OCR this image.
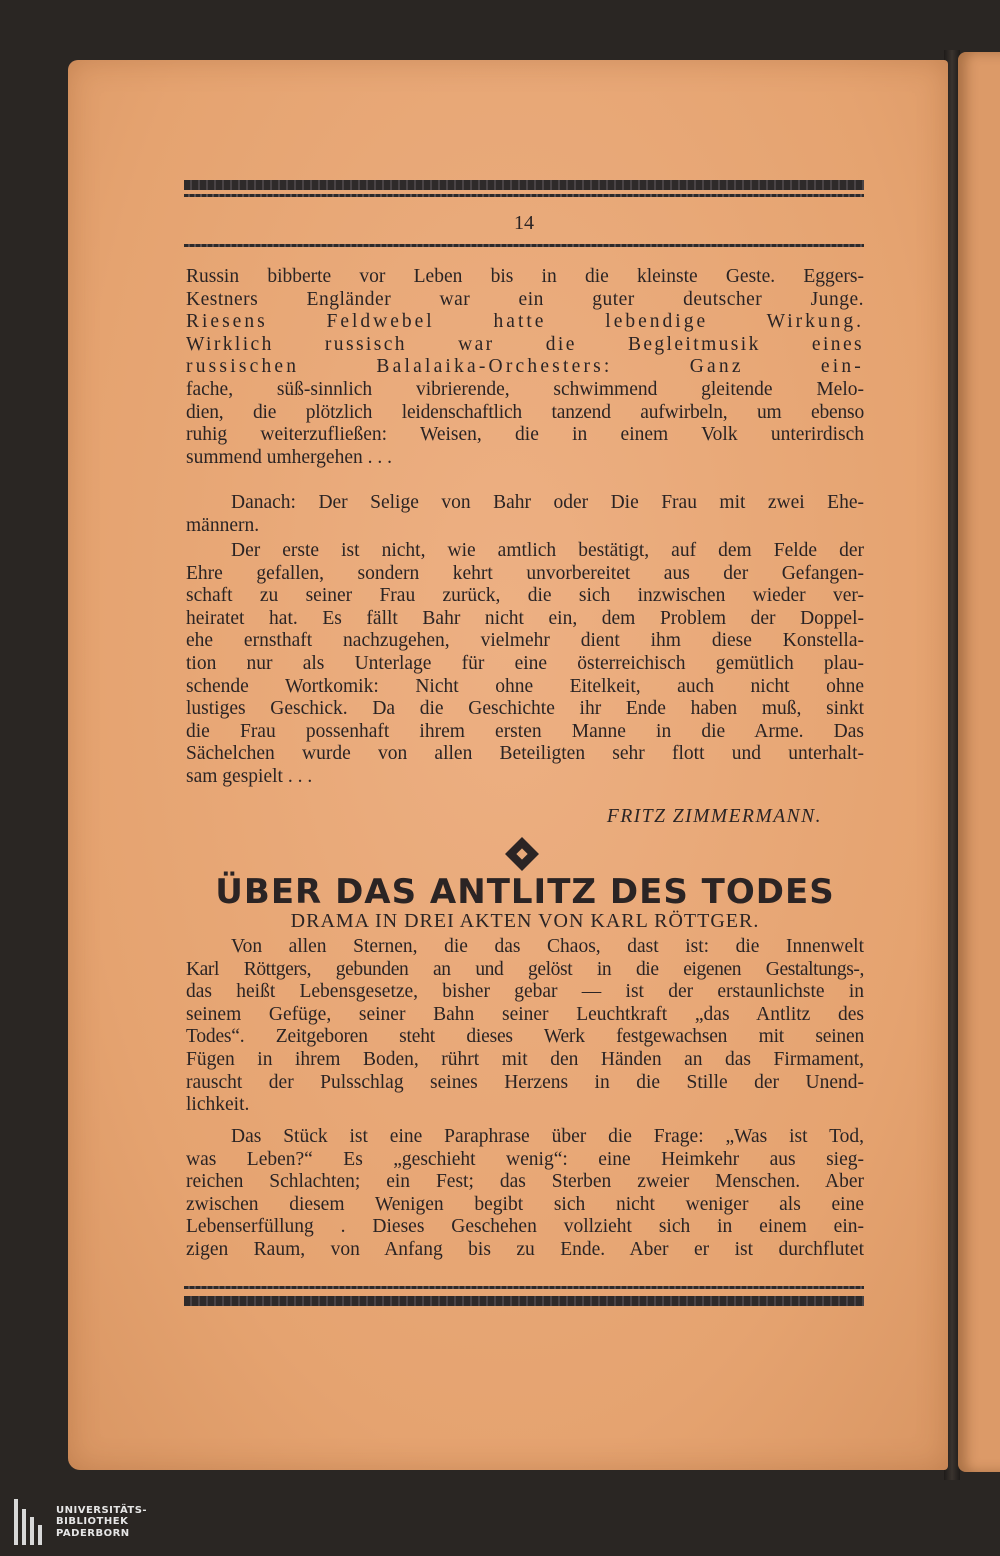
14
Russin bibberte vor Leben bis in die kleinste Geste. Eggers-
Kestners Engländer war ein guter deutscher Junge.
Riesens Feldwebel hatte lebendige Wirkung.
Wirklich russisch war die Begleitmusik eines
russischen Balalaika-Orchesters: Ganz ein-
fache, süß-sinnlich vibrierende, schwimmend gleitende Melo-
dien, die plötzlich leidenschaftlich tanzend aufwirbeln, um ebenso
ruhig weiterzufließen: Weisen, die in einem Volk unterirdisch
summend umhergehen . . .
Danach: Der Selige von Bahr oder Die Frau mit zwei Ehe-
männern.
Der erste ist nicht, wie amtlich bestätigt, auf dem Felde der
Ehre gefallen, sondern kehrt unvorbereitet aus der Gefangen-
schaft zu seiner Frau zurück, die sich inzwischen wieder ver-
heiratet hat. Es fällt Bahr nicht ein, dem Problem der Doppel-
ehe ernsthaft nachzugehen, vielmehr dient ihm diese Konstella-
tion nur als Unterlage für eine österreichisch gemütlich plau-
schende Wortkomik: Nicht ohne Eitelkeit, auch nicht ohne
lustiges Geschick. Da die Geschichte ihr Ende haben muß, sinkt
die Frau possenhaft ihrem ersten Manne in die Arme. Das
Sächelchen wurde von allen Beteiligten sehr flott und unterhalt-
sam gespielt . . .
FRITZ ZIMMERMANN.
ÜBER DAS ANTLITZ DES TODES
DRAMA IN DREI AKTEN VON KARL RÖTTGER.
Von allen Sternen, die das Chaos, dast ist: die Innenwelt
Karl Röttgers, gebunden an und gelöst in die eigenen Gestaltungs-,
das heißt Lebensgesetze, bisher gebar — ist der erstaunlichste in
seinem Gefüge, seiner Bahn seiner Leuchtkraft „das Antlitz des
Todes“. Zeitgeboren steht dieses Werk festgewachsen mit seinen
Fügen in ihrem Boden, rührt mit den Händen an das Firmament,
rauscht der Pulsschlag seines Herzens in die Stille der Unend-
lichkeit.
Das Stück ist eine Paraphrase über die Frage: „Was ist Tod,
was Leben?“ Es „geschieht wenig“: eine Heimkehr aus sieg-
reichen Schlachten; ein Fest; das Sterben zweier Menschen. Aber
zwischen diesem Wenigen begibt sich nicht weniger als eine
Lebenserfüllung . Dieses Geschehen vollzieht sich in einem ein-
zigen Raum, von Anfang bis zu Ende. Aber er ist durchflutet
UNIVERSITÄTS-
BIBLIOTHEK
PADERBORN
